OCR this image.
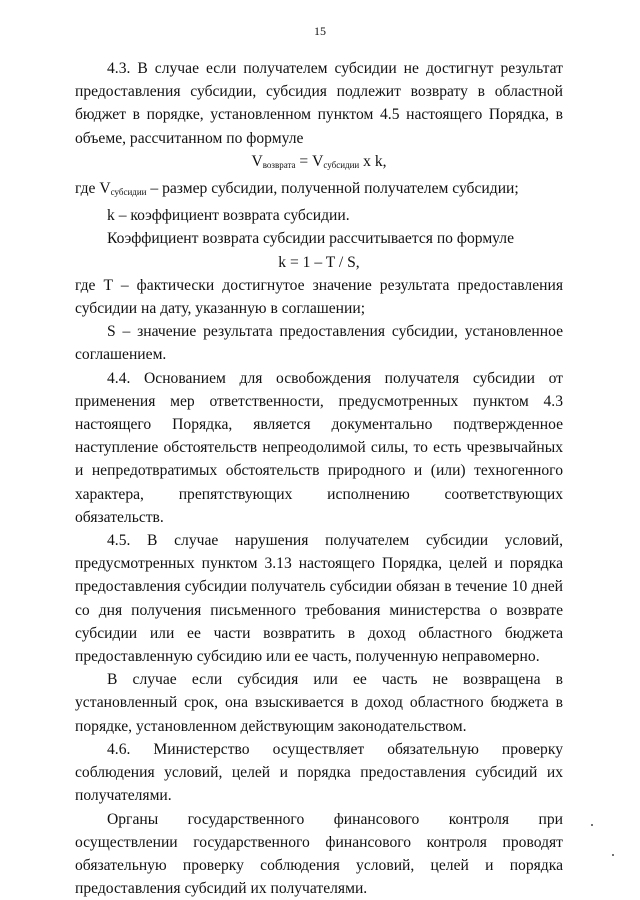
15

4.3. В случае если получателем субсидии не достигнут результат предоставления субсидии, субсидия подлежит возврату в областной бюджет в порядке, установленном пунктом 4.5 настоящего Порядка, в объеме, рассчитанном по формуле

$V_{возврата} = V_{субсидии}$ x k,

где $V_{субсидии}$ – размер субсидии, полученной получателем субсидии;

k – коэффициент возврата субсидии.

Коэффициент возврата субсидии рассчитывается по формуле

k = 1 – T / S,

где T – фактически достигнутое значение результата предоставления субсидии на дату, указанную в соглашении;

S – значение результата предоставления субсидии, установленное соглашением.

4.4. Основанием для освобождения получателя субсидии от применения мер ответственности, предусмотренных пунктом 4.3 настоящего Порядка, является документально подтвержденное наступление обстоятельств непреодолимой силы, то есть чрезвычайных и непредотвратимых обстоятельств природного и (или) техногенного характера, препятствующих исполнению соответствующих обязательств.

4.5. В случае нарушения получателем субсидии условий, предусмотренных пунктом 3.13 настоящего Порядка, целей и порядка предоставления субсидии получатель субсидии обязан в течение 10 дней со дня получения письменного требования министерства о возврате субсидии или ее части возвратить в доход областного бюджета предоставленную субсидию или ее часть, полученную неправомерно.

В случае если субсидия или ее часть не возвращена в установленный срок, она взыскивается в доход областного бюджета в порядке, установленном действующим законодательством.

4.6. Министерство осуществляет обязательную проверку соблюдения условий, целей и порядка предоставления субсидий их получателями.

Органы государственного финансового контроля при осуществлении государственного финансового контроля проводят обязательную проверку соблюдения условий, целей и порядка предоставления субсидий их получателями.
